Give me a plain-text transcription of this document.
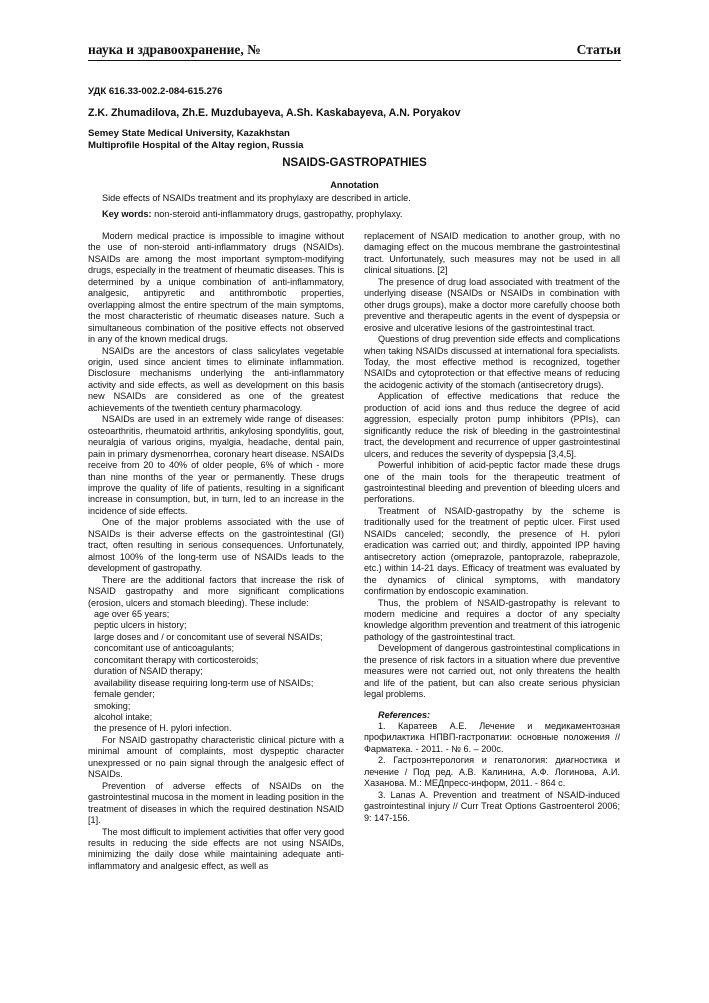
наука и здравоохранение, №	Статьи
УДК 616.33-002.2-084-615.276
Z.K. Zhumadilova, Zh.E. Muzdubayeva, A.Sh. Kaskabayeva, A.N. Poryakov
Semey State Medical University, Kazakhstan
Multiprofile Hospital of the Altay region, Russia
NSAIDS-GASTROPATHIES
Annotation
Side effects of NSAIDs treatment and its prophylaxy are described in article.
Key words: non-steroid anti-inflammatory drugs, gastropathy, prophylaxy.

Modern medical practice is impossible to imagine without the use of non-steroid anti-inflammatory drugs (NSAIDs). NSAIDs are among the most important symptom-modifying drugs, especially in the treatment of rheumatic diseases. This is determined by a unique combination of anti-inflammatory, analgesic, antipyretic and antithrombotic properties, overlapping almost the entire spectrum of the main symptoms, the most characteristic of rheumatic diseases nature. Such a simultaneous combination of the positive effects not observed in any of the known medical drugs.

NSAIDs are the ancestors of class salicylates vegetable origin, used since ancient times to eliminate inflammation. Disclosure mechanisms underlying the anti-inflammatory activity and side effects, as well as development on this basis new NSAIDs are considered as one of the greatest achievements of the twentieth century pharmacology.

NSAIDs are used in an extremely wide range of diseases: osteoarthritis, rheumatoid arthritis, ankylosing spondylitis, gout, neuralgia of various origins, myalgia, headache, dental pain, pain in primary dysmenorrhea, coronary heart disease. NSAIDs receive from 20 to 40% of older people, 6% of which - more than nine months of the year or permanently. These drugs improve the quality of life of patients, resulting in a significant increase in consumption, but, in turn, led to an increase in the incidence of side effects.

One of the major problems associated with the use of NSAIDs is their adverse effects on the gastrointestinal (GI) tract, often resulting in serious consequences. Unfortunately, almost 100% of the long-term use of NSAIDs leads to the development of gastropathy.

There are the additional factors that increase the risk of NSAID gastropathy and more significant complications (erosion, ulcers and stomach bleeding). These include:

age over 65 years;
peptic ulcers in history;
large doses and / or concomitant use of several NSAIDs;
concomitant use of anticoagulants;
concomitant therapy with corticosteroids;
duration of NSAID therapy;
availability disease requiring long-term use of NSAIDs;
female gender;
smoking;
alcohol intake;
the presence of H. pylori infection.

For NSAID gastropathy characteristic clinical picture with a minimal amount of complaints, most dyspeptic character unexpressed or no pain signal through the analgesic effect of NSAIDs.

Prevention of adverse effects of NSAIDs on the gastrointestinal mucosa in the moment in leading position in the treatment of diseases in which the required destination NSAID [1].

The most difficult to implement activities that offer very good results in reducing the side effects are not using NSAIDs, minimizing the daily dose while maintaining adequate anti-inflammatory and analgesic effect, as well as

replacement of NSAID medication to another group, with no damaging effect on the mucous membrane the gastrointestinal tract. Unfortunately, such measures may not be used in all clinical situations. [2]

The presence of drug load associated with treatment of the underlying disease (NSAIDs or NSAIDs in combination with other drugs groups), make a doctor more carefully choose both preventive and therapeutic agents in the event of dyspepsia or erosive and ulcerative lesions of the gastrointestinal tract.

Questions of drug prevention side effects and complications when taking NSAIDs discussed at international fora specialists. Today, the most effective method is recognized, together NSAIDs and cytoprotection or that effective means of reducing the acidogenic activity of the stomach (antisecretory drugs).

Application of effective medications that reduce the production of acid ions and thus reduce the degree of acid aggression, especially proton pump inhibitors (PPIs), can significantly reduce the risk of bleeding in the gastrointestinal tract, the development and recurrence of upper gastrointestinal ulcers, and reduces the severity of dyspepsia [3,4,5].

Powerful inhibition of acid-peptic factor made these drugs one of the main tools for the therapeutic treatment of gastrointestinal bleeding and prevention of bleeding ulcers and perforations.

Treatment of NSAID-gastropathy by the scheme is traditionally used for the treatment of peptic ulcer. First used NSAIDs canceled; secondly, the presence of H. pylori eradication was carried out; and thirdly, appointed IPP having antisecretory action (omeprazole, pantoprazole, rabeprazole, etc.) within 14-21 days. Efficacy of treatment was evaluated by the dynamics of clinical symptoms, with mandatory confirmation by endoscopic examination.

Thus, the problem of NSAID-gastropathy is relevant to modern medicine and requires a doctor of any specialty knowledge algorithm prevention and treatment of this iatrogenic pathology of the gastrointestinal tract.

Development of dangerous gastrointestinal complications in the presence of risk factors in a situation where due preventive measures were not carried out, not only threatens the health and life of the patient, but can also create serious physician legal problems.

References:

1. Каратеев А.Е. Лечение и медикаментозная профилактика НПВП-гастропатии: основные положения // Фарматека. - 2011. - № 6. – 200с.

2. Гастроэнтерология и гепатология: диагностика и лечение / Под ред. А.В. Калинина, А.Ф. Логинова, А.И. Хазанова. М.: МЕДпресс-информ, 2011. - 864 с.

3. Lanas A. Prevention and treatment of NSAID-induced gastrointestinal injury // Curr Treat Options Gastroenterol 2006; 9: 147-156.
